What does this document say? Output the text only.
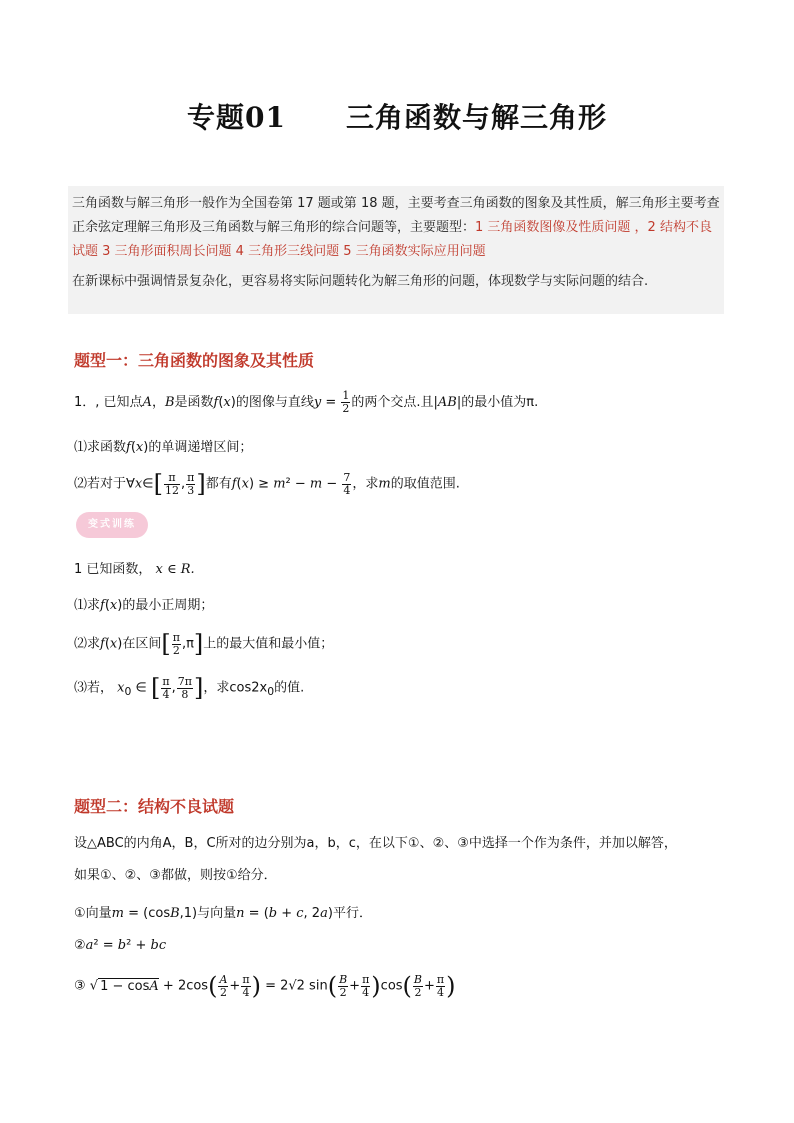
专题01 三角函数与解三角形
三角函数与解三角形一般作为全国卷第 17 题或第 18 题，主要考查三角函数的图象及其性质，解三角形主要考查正余弦定理解三角形及三角函数与解三角形的综合问题等，主要题型：1 三角函数图像及性质问题 ，2 结构不良试题 3 三角形面积周长问题 4 三角形三线问题 5 三角函数实际应用问题
在新课标中强调情景复杂化，更容易将实际问题转化为解三角形的问题，体现数学与实际问题的结合.
题型一：三角函数的图象及其性质
1．, 已知点A，B是函数f(x)的图像与直线$y = \frac{1}{2}$ 的两个交点.且|AB|的最小值为π.
⑴求函数f(x)的单调递增区间；
⑵若对于∀x∈[ $\frac{\pi}{12}$ , $\frac{\pi}{3}$ ]都有$f(x) \ge m^2 - m - \frac{7}{4}$ ，求m的取值范围.
变式训练
1 已知函数， x ∈ R.
⑴求f(x)的最小正周期；
⑵求f(x)在区间[ $\frac{\pi}{2} ,\pi$]上的最大值和最小值；
⑶若， $x_0$ ∈ [ $\frac{\pi}{4}$ , $\frac{7\pi}{8}$ ]，求$\cos 2x_0$的值.
题型二：结构不良试题
设△ABC的内角A，B，C所对的边分别为a，b，c，在以下①、②、③中选择一个作为条件，并加以解答，
如果①、②、③都做，则按①给分．
①向量m = (cosB,1)与向量n = (b + c, 2a)平行．
②a² = b² + bc
③ √ $1 - \cos A + 2\cos( \frac{A}{2} + \frac{\pi}{4}$ ) = 2√2 $\sin( \frac{B}{2} + \frac{\pi}{4} )\cos( \frac{B}{2} + \frac{\pi}{4}$ )
